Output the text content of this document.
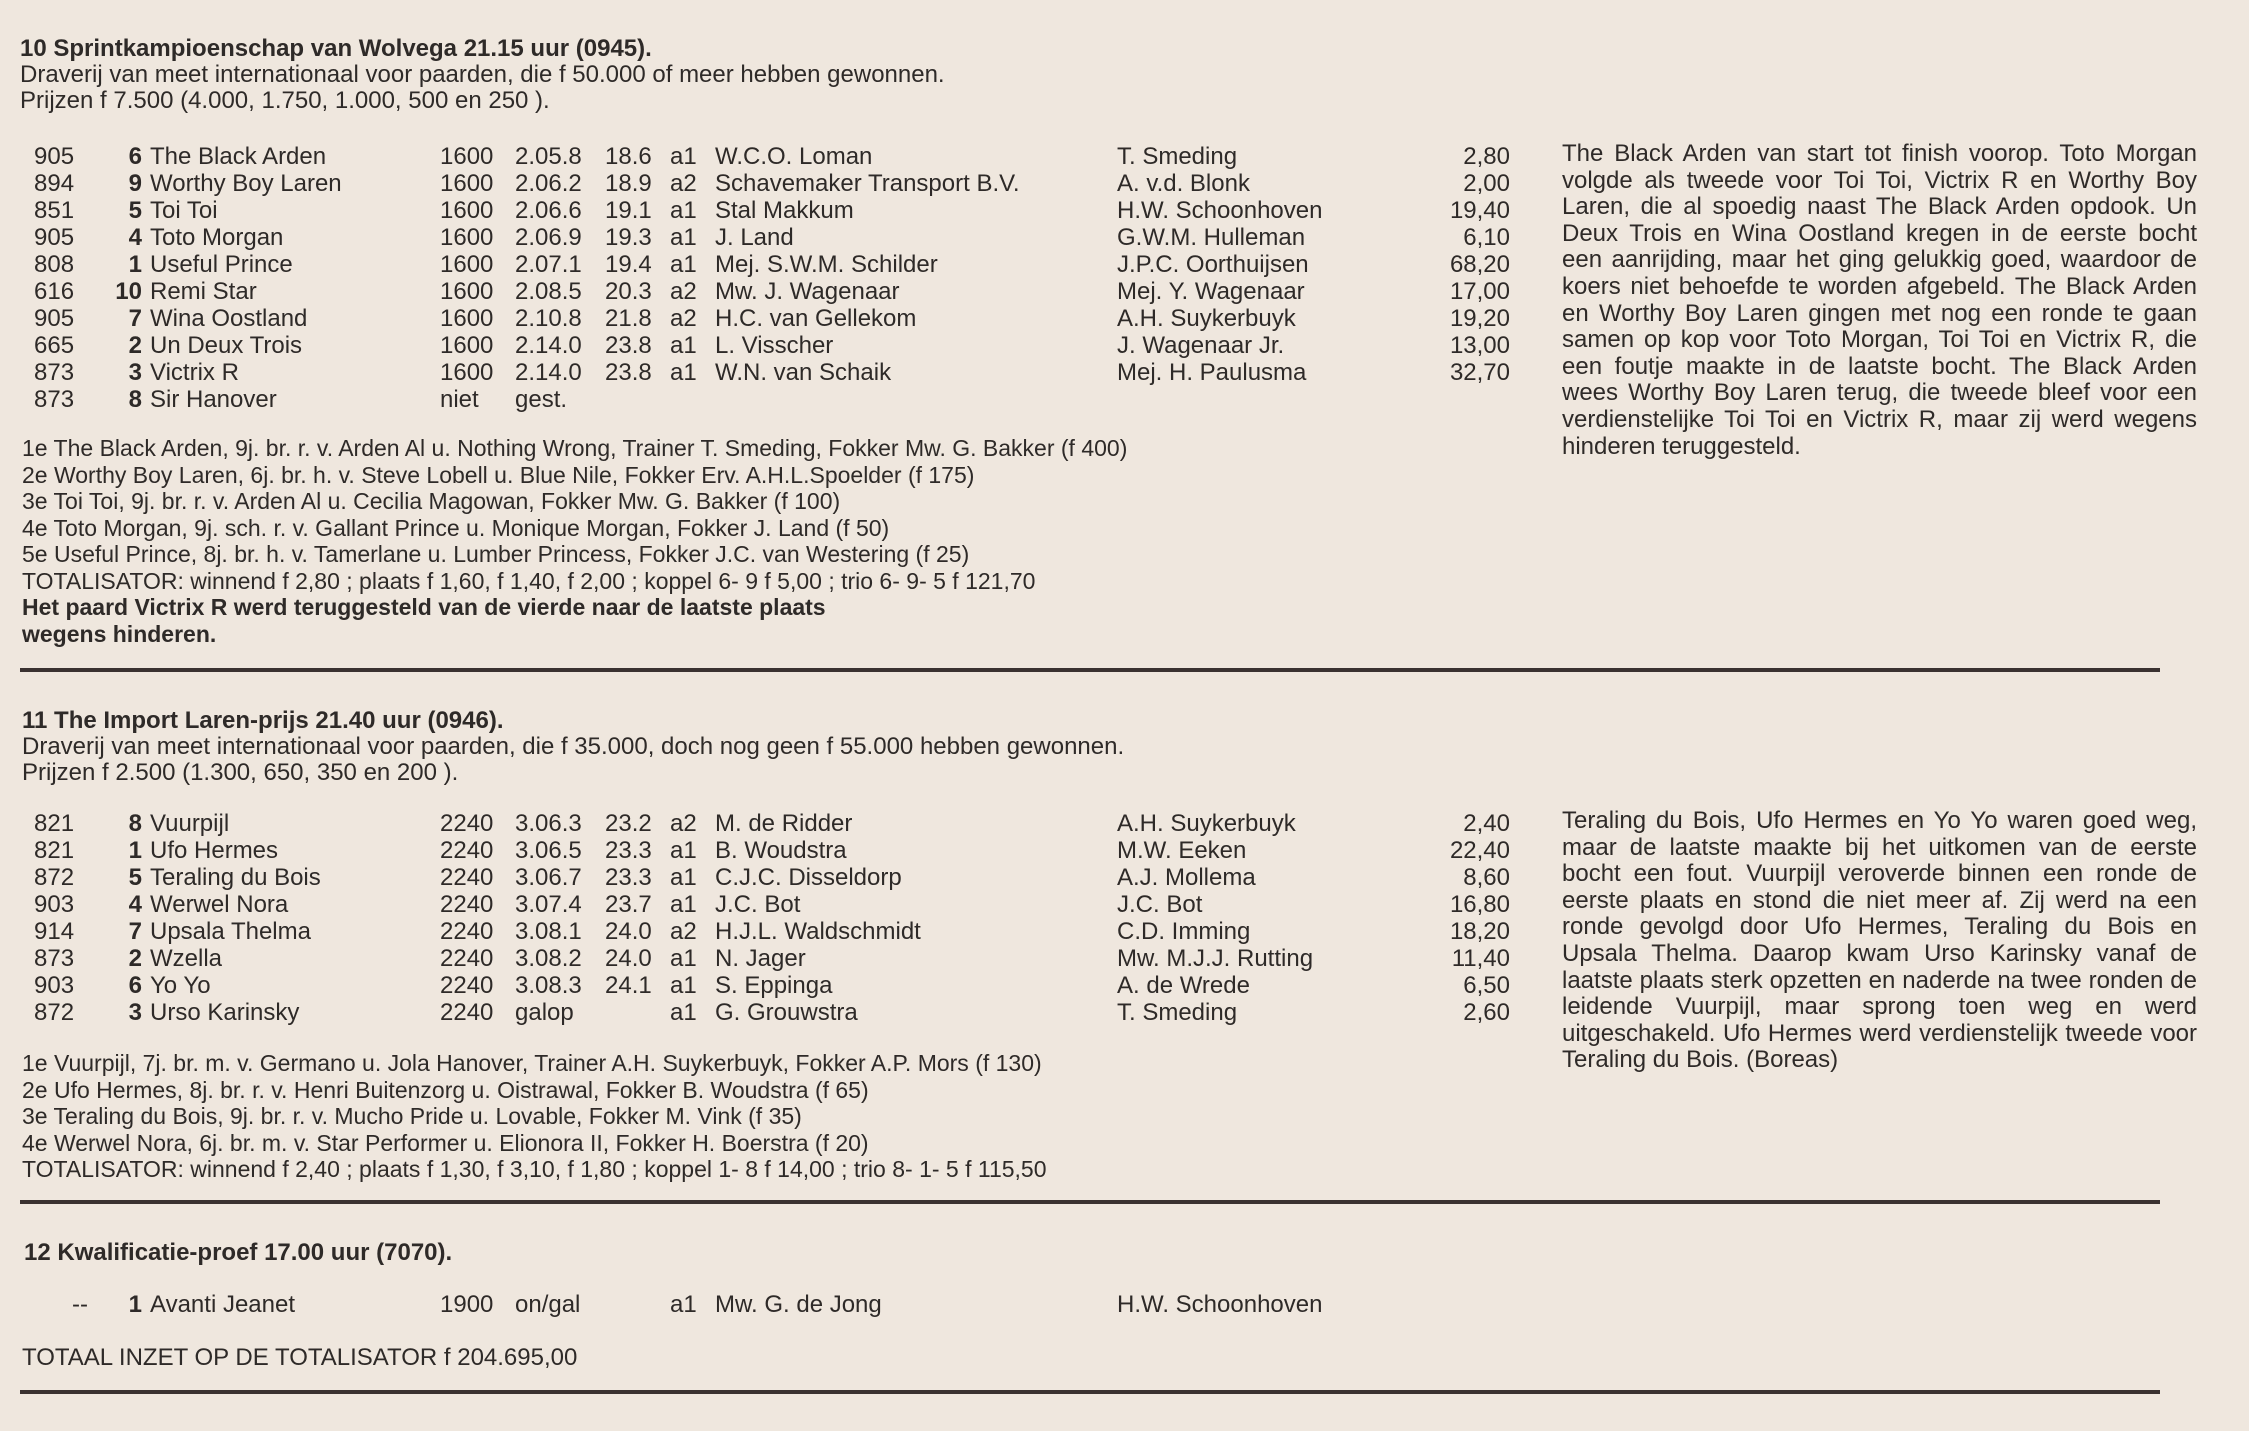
10 Sprintkampioenschap van Wolvega 21.15 uur (0945).
Draverij van meet internationaal voor paarden, die f 50.000 of meer hebben gewonnen.
Prijzen f 7.500 (4.000, 1.750, 1.000, 500 en 250 ).
905	6 The Black Arden	1600 2.05.8 18.6 a1 W.C.O. Loman	T. Smeding	2,80
894	9 Worthy Boy Laren	1600 2.06.2 18.9 a2 Schavemaker Transport B.V.	A. v.d. Blonk	2,00
851	5 Toi Toi	1600 2.06.6 19.1 a1 Stal Makkum	H.W. Schoonhoven	19,40
905	4 Toto Morgan	1600 2.06.9 19.3 a1 J. Land	G.W.M. Hulleman	6,10
808	1 Useful Prince	1600 2.07.1 19.4 a1 Mej. S.W.M. Schilder	J.P.C. Oorthuijsen	68,20
616	10 Remi Star	1600 2.08.5 20.3 a2 Mw. J. Wagenaar	Mej. Y. Wagenaar	17,00
905	7 Wina Oostland	1600 2.10.8 21.8 a2 H.C. van Gellekom	A.H. Suykerbuyk	19,20
665	2 Un Deux Trois	1600 2.14.0 23.8 a1 L. Visscher	J. Wagenaar Jr.	13,00
873	3 Victrix R	1600 2.14.0 23.8 a1 W.N. van Schaik	Mej. H. Paulusma	32,70
873	8 Sir Hanover	niet gest.
The Black Arden van start tot finish voorop. Toto Morgan volgde als tweede voor Toi Toi, Victrix R en Worthy Boy Laren, die al spoedig naast The Black Arden opdook. Un Deux Trois en Wina Oostland kregen in de eerste bocht een aanrijding, maar het ging gelukkig goed, waardoor de koers niet behoefde te worden afgebeld. The Black Arden en Worthy Boy Laren gingen met nog een ronde te gaan samen op kop voor Toto Morgan, Toi Toi en Victrix R, die een foutje maakte in de laatste bocht. The Black Arden wees Worthy Boy Laren terug, die tweede bleef voor een verdienstelijke Toi Toi en Victrix R, maar zij werd wegens hinderen teruggesteld.
1e The Black Arden, 9j. br. r. v. Arden Al u. Nothing Wrong, Trainer T. Smeding, Fokker Mw. G. Bakker (f 400)
2e Worthy Boy Laren, 6j. br. h. v. Steve Lobell u. Blue Nile, Fokker Erv. A.H.L.Spoelder (f 175)
3e Toi Toi, 9j. br. r. v. Arden Al u. Cecilia Magowan, Fokker Mw. G. Bakker (f 100)
4e Toto Morgan, 9j. sch. r. v. Gallant Prince u. Monique Morgan, Fokker J. Land (f 50)
5e Useful Prince, 8j. br. h. v. Tamerlane u. Lumber Princess, Fokker J.C. van Westering (f 25)
TOTALISATOR: winnend f 2,80 ; plaats f 1,60, f 1,40, f 2,00 ; koppel 6- 9 f 5,00 ; trio 6- 9- 5 f 121,70
Het paard Victrix R werd teruggesteld van de vierde naar de laatste plaats
wegens hinderen.
11 The Import Laren-prijs 21.40 uur (0946).
Draverij van meet internationaal voor paarden, die f 35.000, doch nog geen f 55.000 hebben gewonnen.
Prijzen f 2.500 (1.300, 650, 350 en 200 ).
821	8 Vuurpijl	2240 3.06.3 23.2 a2 M. de Ridder	A.H. Suykerbuyk	2,40
821	1 Ufo Hermes	2240 3.06.5 23.3 a1 B. Woudstra	M.W. Eeken	22,40
872	5 Teraling du Bois	2240 3.06.7 23.3 a1 C.J.C. Disseldorp	A.J. Mollema	8,60
903	4 Werwel Nora	2240 3.07.4 23.7 a1 J.C. Bot	J.C. Bot	16,80
914	7 Upsala Thelma	2240 3.08.1 24.0 a2 H.J.L. Waldschmidt	C.D. Imming	18,20
873	2 Wzella	2240 3.08.2 24.0 a1 N. Jager	Mw. M.J.J. Rutting	11,40
903	6 Yo Yo	2240 3.08.3 24.1 a1 S. Eppinga	A. de Wrede	6,50
872	3 Urso Karinsky	2240 galop	a1 G. Grouwstra	T. Smeding	2,60
Teraling du Bois, Ufo Hermes en Yo Yo waren goed weg, maar de laatste maakte bij het uitkomen van de eerste bocht een fout. Vuurpijl veroverde binnen een ronde de eerste plaats en stond die niet meer af. Zij werd na een ronde gevolgd door Ufo Hermes, Teraling du Bois en Upsala Thelma. Daarop kwam Urso Karinsky vanaf de laatste plaats sterk opzetten en naderde na twee ronden de leidende Vuurpijl, maar sprong toen weg en werd uitgeschakeld. Ufo Hermes werd verdienstelijk tweede voor Teraling du Bois. (Boreas)
1e Vuurpijl, 7j. br. m. v. Germano u. Jola Hanover, Trainer A.H. Suykerbuyk, Fokker A.P. Mors (f 130)
2e Ufo Hermes, 8j. br. r. v. Henri Buitenzorg u. Oistrawal, Fokker B. Woudstra (f 65)
3e Teraling du Bois, 9j. br. r. v. Mucho Pride u. Lovable, Fokker M. Vink (f 35)
4e Werwel Nora, 6j. br. m. v. Star Performer u. Elionora II, Fokker H. Boerstra (f 20)
TOTALISATOR: winnend f 2,40 ; plaats f 1,30, f 3,10, f 1,80 ; koppel 1- 8 f 14,00 ; trio 8- 1- 5 f 115,50
12 Kwalificatie-proef 17.00 uur (7070).
--	1 Avanti Jeanet	1900 on/gal	a1 Mw. G. de Jong	H.W. Schoonhoven
TOTAAL INZET OP DE TOTALISATOR f 204.695,00
